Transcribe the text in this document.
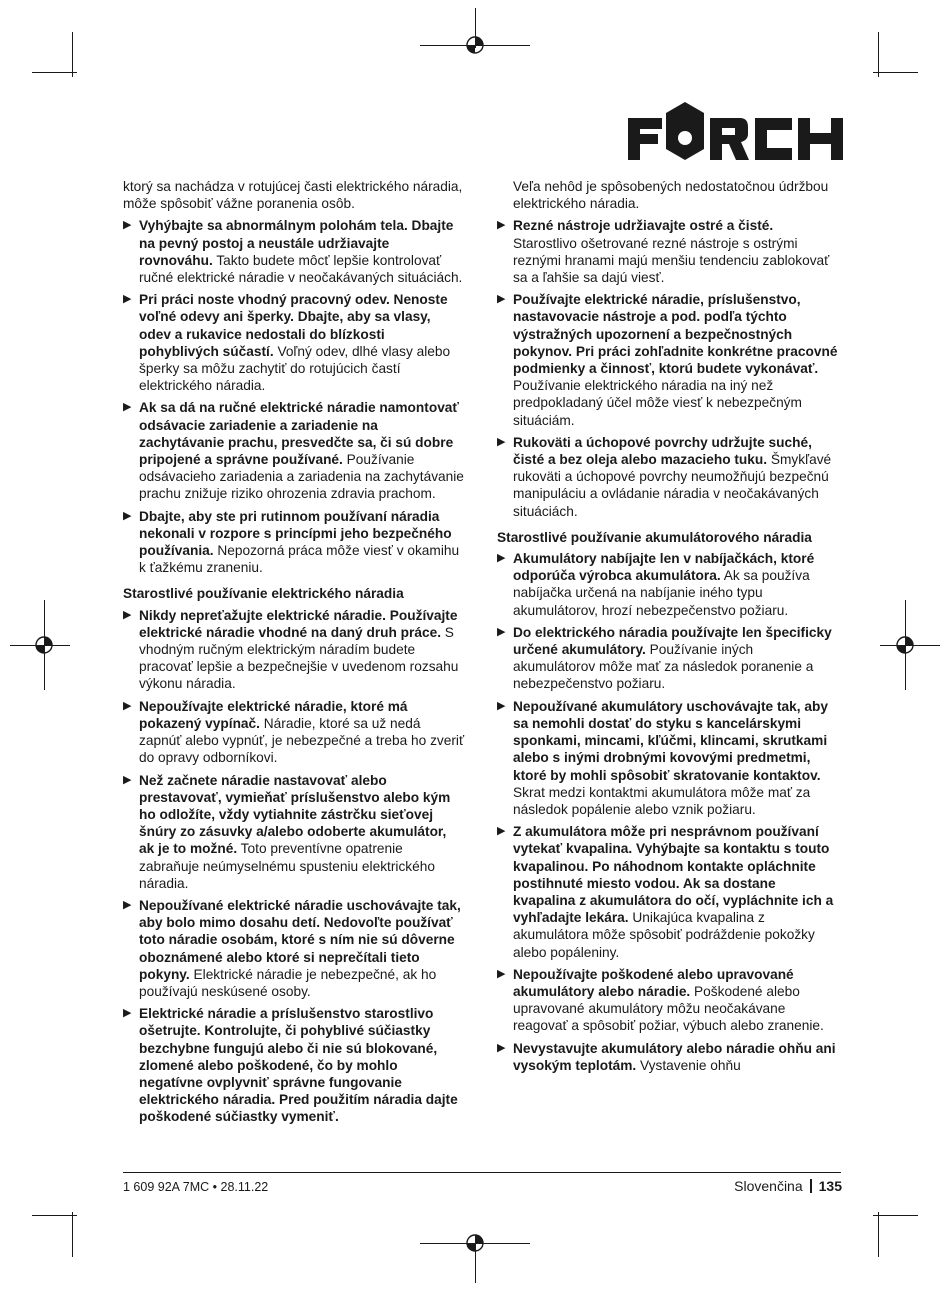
ktorý sa nachádza v rotujúcej časti elektrického náradia, môže spôsobiť vážne poranenia osôb.

▶ Vyhýbajte sa abnormálnym polohám tela. Dbajte na pevný postoj a neustále udržiavajte rovnováhu. Takto budete môcť lepšie kontrolovať ručné elektrické náradie v neočakávaných situáciách.
▶ Pri práci noste vhodný pracovný odev. Nenoste voľné odevy ani šperky. Dbajte, aby sa vlasy, odev a rukavice nedostali do blízkosti pohyblivých súčastí. Voľný odev, dlhé vlasy alebo šperky sa môžu zachytiť do rotujúcich častí elektrického náradia.
▶ Ak sa dá na ručné elektrické náradie namontovať odsávacie zariadenie a zariadenie na zachytávanie prachu, presvedčte sa, či sú dobre pripojené a správne používané. Používanie odsávacieho zariadenia a zariadenia na zachytávanie prachu znižuje riziko ohrozenia zdravia prachom.
▶ Dbajte, aby ste pri rutinnom používaní náradia nekonali v rozpore s princípmi jeho bezpečného používania. Nepozorná práca môže viesť v okamihu k ťažkému zraneniu.
Starostlivé používanie elektrického náradia
▶ Nikdy nepreťažujte elektrické náradie. Používajte elektrické náradie vhodné na daný druh práce. S vhodným ručným elektrickým náradím budete pracovať lepšie a bezpečnejšie v uvedenom rozsahu výkonu náradia.
▶ Nepoužívajte elektrické náradie, ktoré má pokazený vypínač. Náradie, ktoré sa už nedá zapnúť alebo vypnúť, je nebezpečné a treba ho zveriť do opravy odborníkovi.
▶ Než začnete náradie nastavovať alebo prestavovať, vymieňať príslušenstvo alebo kým ho odložíte, vždy vytiahnite zástrčku sieťovej šnúry zo zásuvky a/alebo odoberte akumulátor, ak je to možné. Toto preventívne opatrenie zabraňuje neúmyselnému spusteniu elektrického náradia.
▶ Nepoužívané elektrické náradie uschovávajte tak, aby bolo mimo dosahu detí. Nedovoľte používať toto náradie osobám, ktoré s ním nie sú dôverne oboznámené alebo ktoré si neprečítali tieto pokyny. Elektrické náradie je nebezpečné, ak ho používajú neskúsené osoby.
▶ Elektrické náradie a príslušenstvo starostlivo ošetrujte. Kontrolujte, či pohyblivé súčiastky bezchybne fungujú alebo či nie sú blokované, zlomené alebo poškodené, čo by mohlo negatívne ovplyvniť správne fungovanie elektrického náradia. Pred použitím náradia dajte poškodené súčiastky vymeniť.

Veľa nehôd je spôsobených nedostatočnou údržbou elektrického náradia.

▶ Rezné nástroje udržiavajte ostré a čisté. Starostlivo ošetrované rezné nástroje s ostrými reznými hranami majú menšiu tendenciu zablokovať sa a ľahšie sa dajú viesť.
▶ Používajte elektrické náradie, príslušenstvo, nastavovacie nástroje a pod. podľa týchto výstražných upozornení a bezpečnostných pokynov. Pri práci zohľadnite konkrétne pracovné podmienky a činnosť, ktorú budete vykonávať. Používanie elektrického náradia na iný než predpokladaný účel môže viesť k nebezpečným situáciám.
▶ Rukoväti a úchopové povrchy udržujte suché, čisté a bez oleja alebo mazacieho tuku. Šmykľavé rukoväti a úchopové povrchy neumožňujú bezpečnú manipuláciu a ovládanie náradia v neočakávaných situáciách.
Starostlivé používanie akumulátorového náradia
▶ Akumulátory nabíjajte len v nabíjačkách, ktoré odporúča výrobca akumulátora. Ak sa používa nabíjačka určená na nabíjanie iného typu akumulátorov, hrozí nebezpečenstvo požiaru.
▶ Do elektrického náradia používajte len špecificky určené akumulátory. Používanie iných akumulátorov môže mať za následok poranenie a nebezpečenstvo požiaru.
▶ Nepoužívané akumulátory uschovávajte tak, aby sa nemohli dostať do styku s kancelárskymi sponkami, mincami, kľúčmi, klincami, skrutkami alebo s inými drobnými kovovými predmetmi, ktoré by mohli spôsobiť skratovanie kontaktov. Skrat medzi kontaktmi akumulátora môže mať za následok popálenie alebo vznik požiaru.
▶ Z akumulátora môže pri nesprávnom používaní vytekať kvapalina. Vyhýbajte sa kontaktu s touto kvapalinou. Po náhodnom kontakte opláchnite postihnuté miesto vodou. Ak sa dostane kvapalina z akumulátora do očí, vypláchnite ich a vyhľadajte lekára. Unikajúca kvapalina z akumulátora môže spôsobiť podráždenie pokožky alebo popáleniny.
▶ Nepoužívajte poškodené alebo upravované akumulátory alebo náradie. Poškodené alebo upravované akumulátory môžu neočakávane reagovať a spôsobiť požiar, výbuch alebo zranenie.
▶ Nevystavujte akumulátory alebo náradie ohňu ani vysokým teplotám. Vystavenie ohňu
1 609 92A 7MC • 28.11.22	Slovenčina 135
